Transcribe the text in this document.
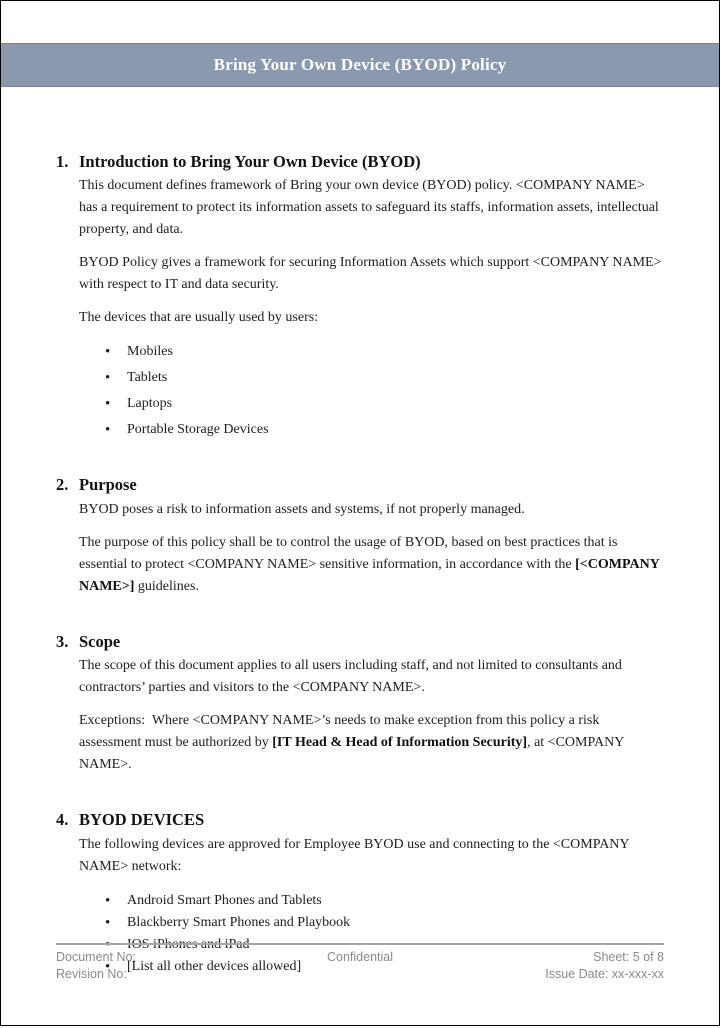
Bring Your Own Device (BYOD) Policy
1. Introduction to Bring Your Own Device (BYOD)

This document defines framework of Bring your own device (BYOD) policy. <COMPANY NAME> has a requirement to protect its information assets to safeguard its staffs, information assets, intellectual property, and data.

BYOD Policy gives a framework for securing Information Assets which support <COMPANY NAME> with respect to IT and data security.

The devices that are usually used by users:

• Mobiles
• Tablets
• Laptops
• Portable Storage Devices
2. Purpose

BYOD poses a risk to information assets and systems, if not properly managed.

The purpose of this policy shall be to control the usage of BYOD, based on best practices that is essential to protect <COMPANY NAME> sensitive information, in accordance with the [<COMPANY NAME>] guidelines.

3. Scope

The scope of this document applies to all users including staff, and not limited to consultants and contractors’ parties and visitors to the <COMPANY NAME>.

Exceptions:  Where <COMPANY NAME>’s needs to make exception from this policy a risk assessment must be authorized by [IT Head & Head of Information Security], at <COMPANY NAME>.

4. BYOD DEVICES

The following devices are approved for Employee BYOD use and connecting to the <COMPANY NAME> network:

• Android Smart Phones and Tablets
• Blackberry Smart Phones and Playbook
• IOS iPhones and iPad
• [List all other devices allowed]
Document No:
Revision No:
Confidential	Sheet: 5 of 8
Issue Date: xx-xxx-xx
